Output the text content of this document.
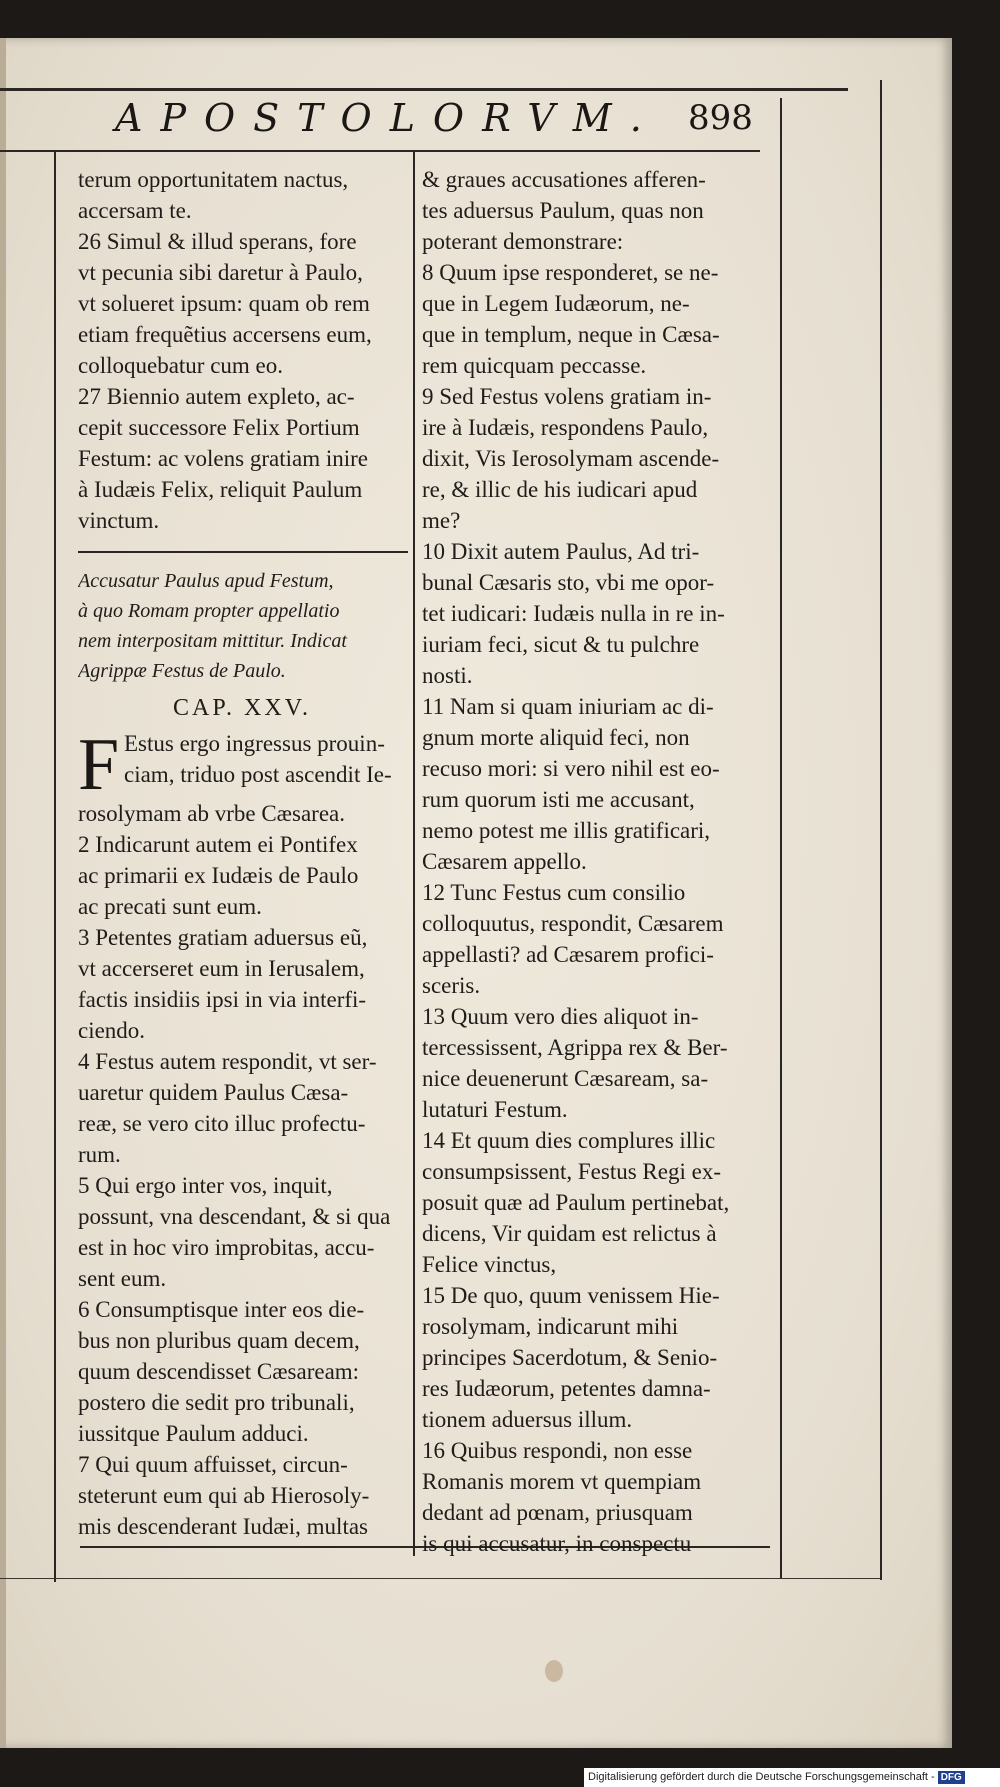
APOSTOLORVM. 898
terum opportunitatem nactus,
accersam te.
26 Simul & illud sperans, fore
vt pecunia sibi daretur à Paulo,
vt solueret ipsum: quam ob rem
etiam frequẽtius accersens eum,
colloquebatur cum eo.
27 Biennio autem expleto, ac-
cepit successore Felix Portium
Festum: ac volens gratiam inire
à Iudæis Felix, reliquit Paulum
vinctum.
Accusatur Paulus apud Festum,
à quo Romam propter appellatio
nem interpositam mittitur. Indicat
Agrippæ Festus de Paulo.
CAP. XXV.
F Estus ergo ingressus prouin-
ciam, triduo post ascendit Ie-
rosolymam ab vrbe Cæsarea.
2 Indicarunt autem ei Pontifex
ac primarii ex Iudæis de Paulo
ac precati sunt eum.
3 Petentes gratiam aduersus eũ,
vt accerseret eum in Ierusalem,
factis insidiis ipsi in via interfi-
ciendo.
4 Festus autem respondit, vt ser-
uaretur quidem Paulus Cæsa-
reæ, se vero cito illuc profectu-
rum.
5 Qui ergo inter vos, inquit,
possunt, vna descendant, & si qua
est in hoc viro improbitas, accu-
sent eum.
6 Consumptisque inter eos die-
bus non pluribus quam decem,
quum descendisset Cæsaream:
postero die sedit pro tribunali,
iussitque Paulum adduci.
7 Qui quum affuisset, circun-
steterunt eum qui ab Hierosoly-
mis descenderant Iudæi, multas
& graues accusationes afferen-
tes aduersus Paulum, quas non
poterant demonstrare:
8 Quum ipse responderet, se ne-
que in Legem Iudæorum, ne-
que in templum, neque in Cæsa-
rem quicquam peccasse.
9 Sed Festus volens gratiam in-
ire à Iudæis, respondens Paulo,
dixit, Vis Ierosolymam ascende-
re, & illic de his iudicari apud
me?
10 Dixit autem Paulus, Ad tri-
bunal Cæsaris sto, vbi me opor-
tet iudicari: Iudæis nulla in re in-
iuriam feci, sicut & tu pulchre
nosti.
11 Nam si quam iniuriam ac di-
gnum morte aliquid feci, non
recuso mori: si vero nihil est eo-
rum quorum isti me accusant,
nemo potest me illis gratificari,
Cæsarem appello.
12 Tunc Festus cum consilio
colloquutus, respondit, Cæsarem
appellasti? ad Cæsarem profici-
sceris.
13 Quum vero dies aliquot in-
tercessissent, Agrippa rex & Ber-
nice deuenerunt Cæsaream, sa-
lutaturi Festum.
14 Et quum dies complures illic
consumpsissent, Festus Regi ex-
posuit quæ ad Paulum pertinebat,
dicens, Vir quidam est relictus à
Felice vinctus,
15 De quo, quum venissem Hie-
rosolymam, indicarunt mihi
principes Sacerdotum, & Senio-
res Iudæorum, petentes damna-
tionem aduersus illum.
16 Quibus respondi, non esse
Romanis morem vt quempiam
dedant ad pœnam, priusquam
is qui accusatur, in conspectu
Digitalisierung gefördert durch die Deutsche Forschungsgemeinschaft - DFG
